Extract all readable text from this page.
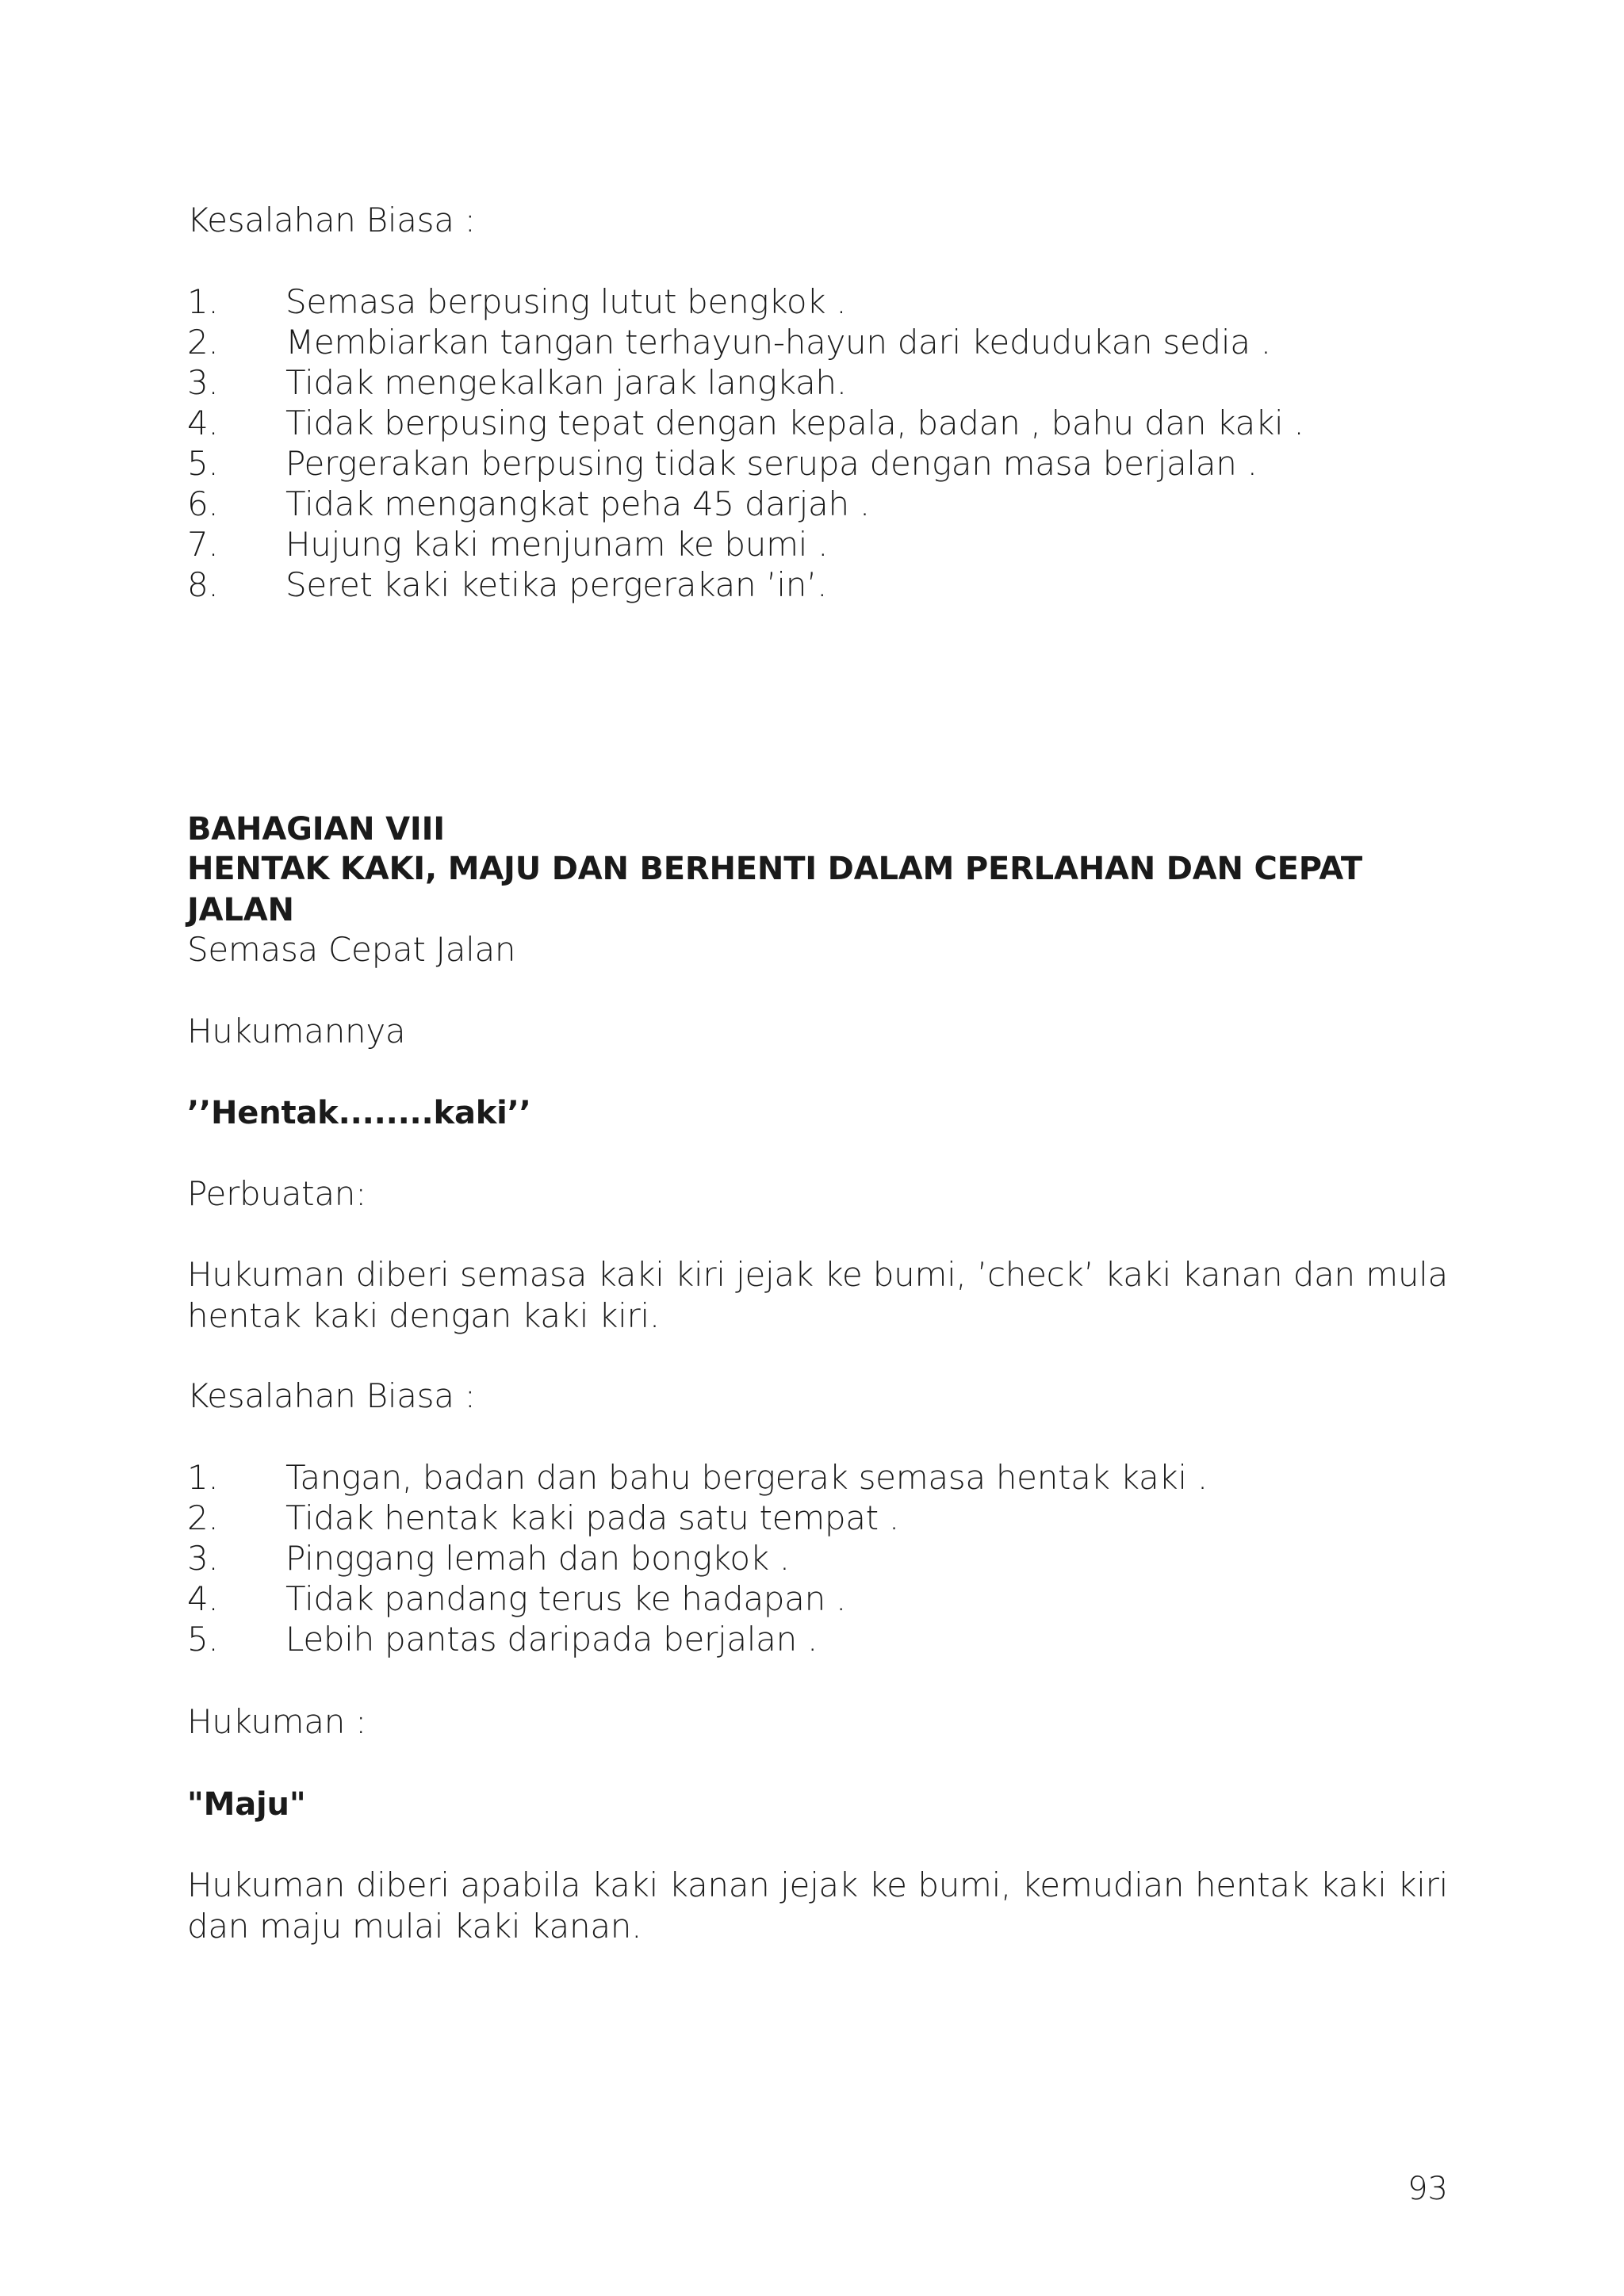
Kesalahan Biasa :
1.	Semasa berpusing lutut bengkok .
2.	Membiarkan tangan terhayun-hayun dari kedudukan sedia .
3.	Tidak mengekalkan jarak langkah.
4.	Tidak berpusing tepat dengan kepala, badan , bahu dan kaki .
5.	Pergerakan berpusing tidak serupa dengan masa berjalan .
6.	Tidak mengangkat peha 45 darjah .
7.	Hujung kaki menjunam ke bumi .
8.	Seret kaki ketika pergerakan ’in’.
BAHAGIAN VIII
HENTAK KAKI, MAJU DAN BERHENTI DALAM PERLAHAN DAN CEPAT JALAN
Semasa Cepat Jalan
Hukumannya
’’Hentak........kaki’’
Perbuatan:
Hukuman diberi semasa kaki kiri jejak ke bumi, ’check’ kaki kanan dan mula hentak kaki dengan kaki kiri.
Kesalahan Biasa :
1.	Tangan, badan dan bahu bergerak semasa hentak kaki .
2.	Tidak hentak kaki pada satu tempat .
3.	Pinggang lemah dan bongkok .
4.	Tidak pandang terus ke hadapan .
5.	Lebih pantas daripada berjalan .
Hukuman :
"Maju"
Hukuman diberi apabila kaki kanan jejak ke bumi, kemudian hentak kaki kiri dan maju mulai kaki kanan.
93
